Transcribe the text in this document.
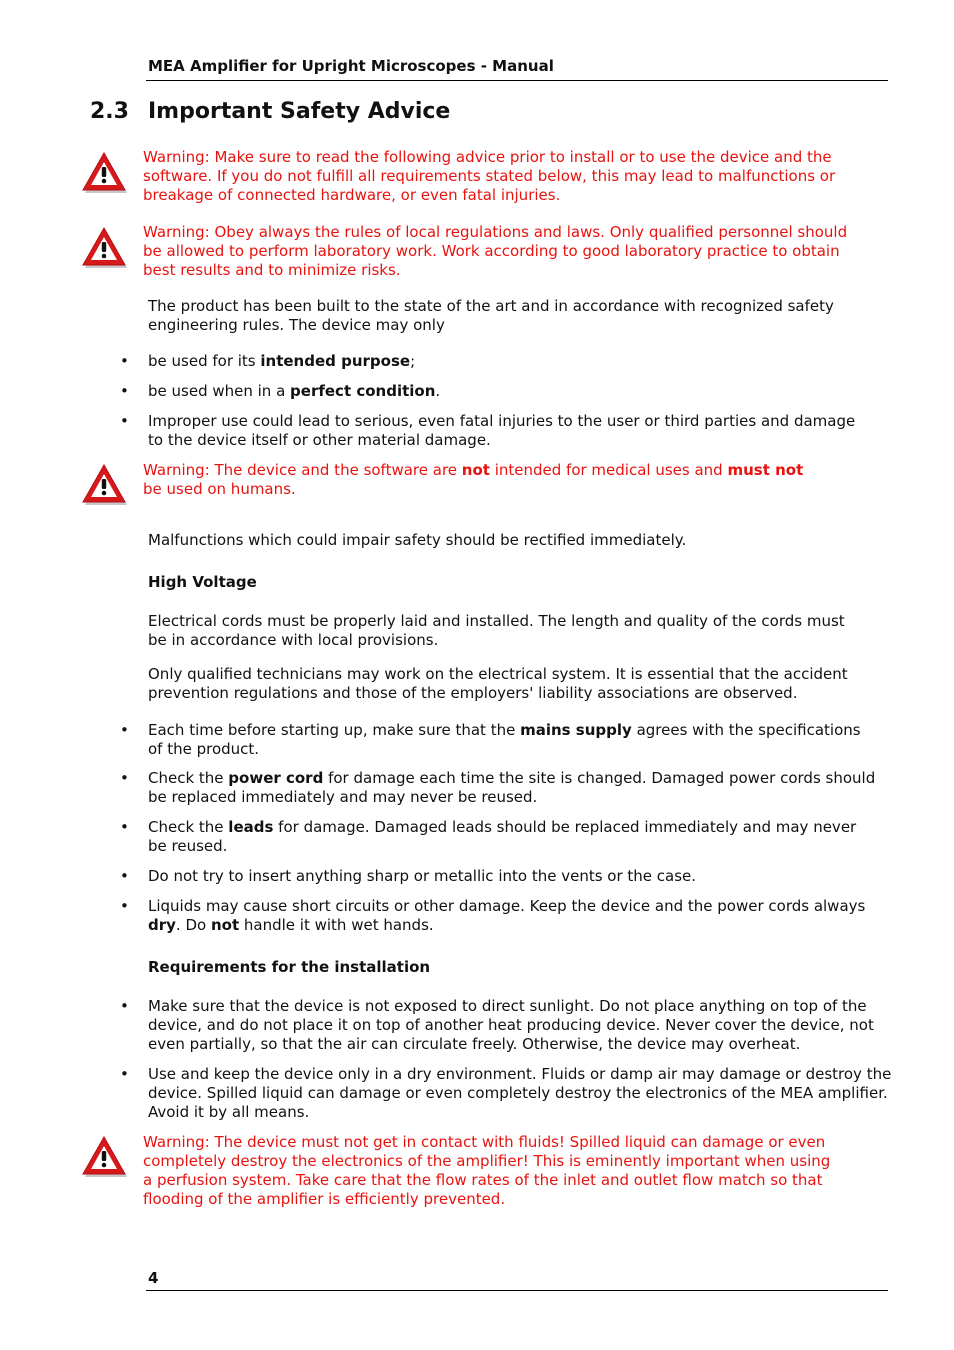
MEA Amplifier for Upright Microscopes - Manual
2.3 Important Safety Advice
Warning: Make sure to read the following advice prior to install or to use the device and the
software. If you do not fulfill all requirements stated below, this may lead to malfunctions or
breakage of connected hardware, or even fatal injuries.
Warning: Obey always the rules of local regulations and laws. Only qualified personnel should
be allowed to perform laboratory work. Work according to good laboratory practice to obtain
best results and to minimize risks.
The product has been built to the state of the art and in accordance with recognized safety
engineering rules. The device may only
• be used for its intended purpose;
• be used when in a perfect condition.
• Improper use could lead to serious, even fatal injuries to the user or third parties and damage
to the device itself or other material damage.
Warning: The device and the software are not intended for medical uses and must not
be used on humans.
Malfunctions which could impair safety should be rectified immediately.
High Voltage
Electrical cords must be properly laid and installed. The length and quality of the cords must
be in accordance with local provisions.
Only qualified technicians may work on the electrical system. It is essential that the accident
prevention regulations and those of the employers' liability associations are observed.
• Each time before starting up, make sure that the mains supply agrees with the specifications
of the product.
• Check the power cord for damage each time the site is changed. Damaged power cords should
be replaced immediately and may never be reused.
• Check the leads for damage. Damaged leads should be replaced immediately and may never
be reused.
• Do not try to insert anything sharp or metallic into the vents or the case.
• Liquids may cause short circuits or other damage. Keep the device and the power cords always
dry. Do not handle it with wet hands.
Requirements for the installation
• Make sure that the device is not exposed to direct sunlight. Do not place anything on top of the
device, and do not place it on top of another heat producing device. Never cover the device, not
even partially, so that the air can circulate freely. Otherwise, the device may overheat.
• Use and keep the device only in a dry environment. Fluids or damp air may damage or destroy the
device. Spilled liquid can damage or even completely destroy the electronics of the MEA amplifier.
Avoid it by all means.
Warning: The device must not get in contact with fluids! Spilled liquid can damage or even
completely destroy the electronics of the amplifier! This is eminently important when using
a perfusion system. Take care that the flow rates of the inlet and outlet flow match so that
flooding of the amplifier is efficiently prevented.
4
